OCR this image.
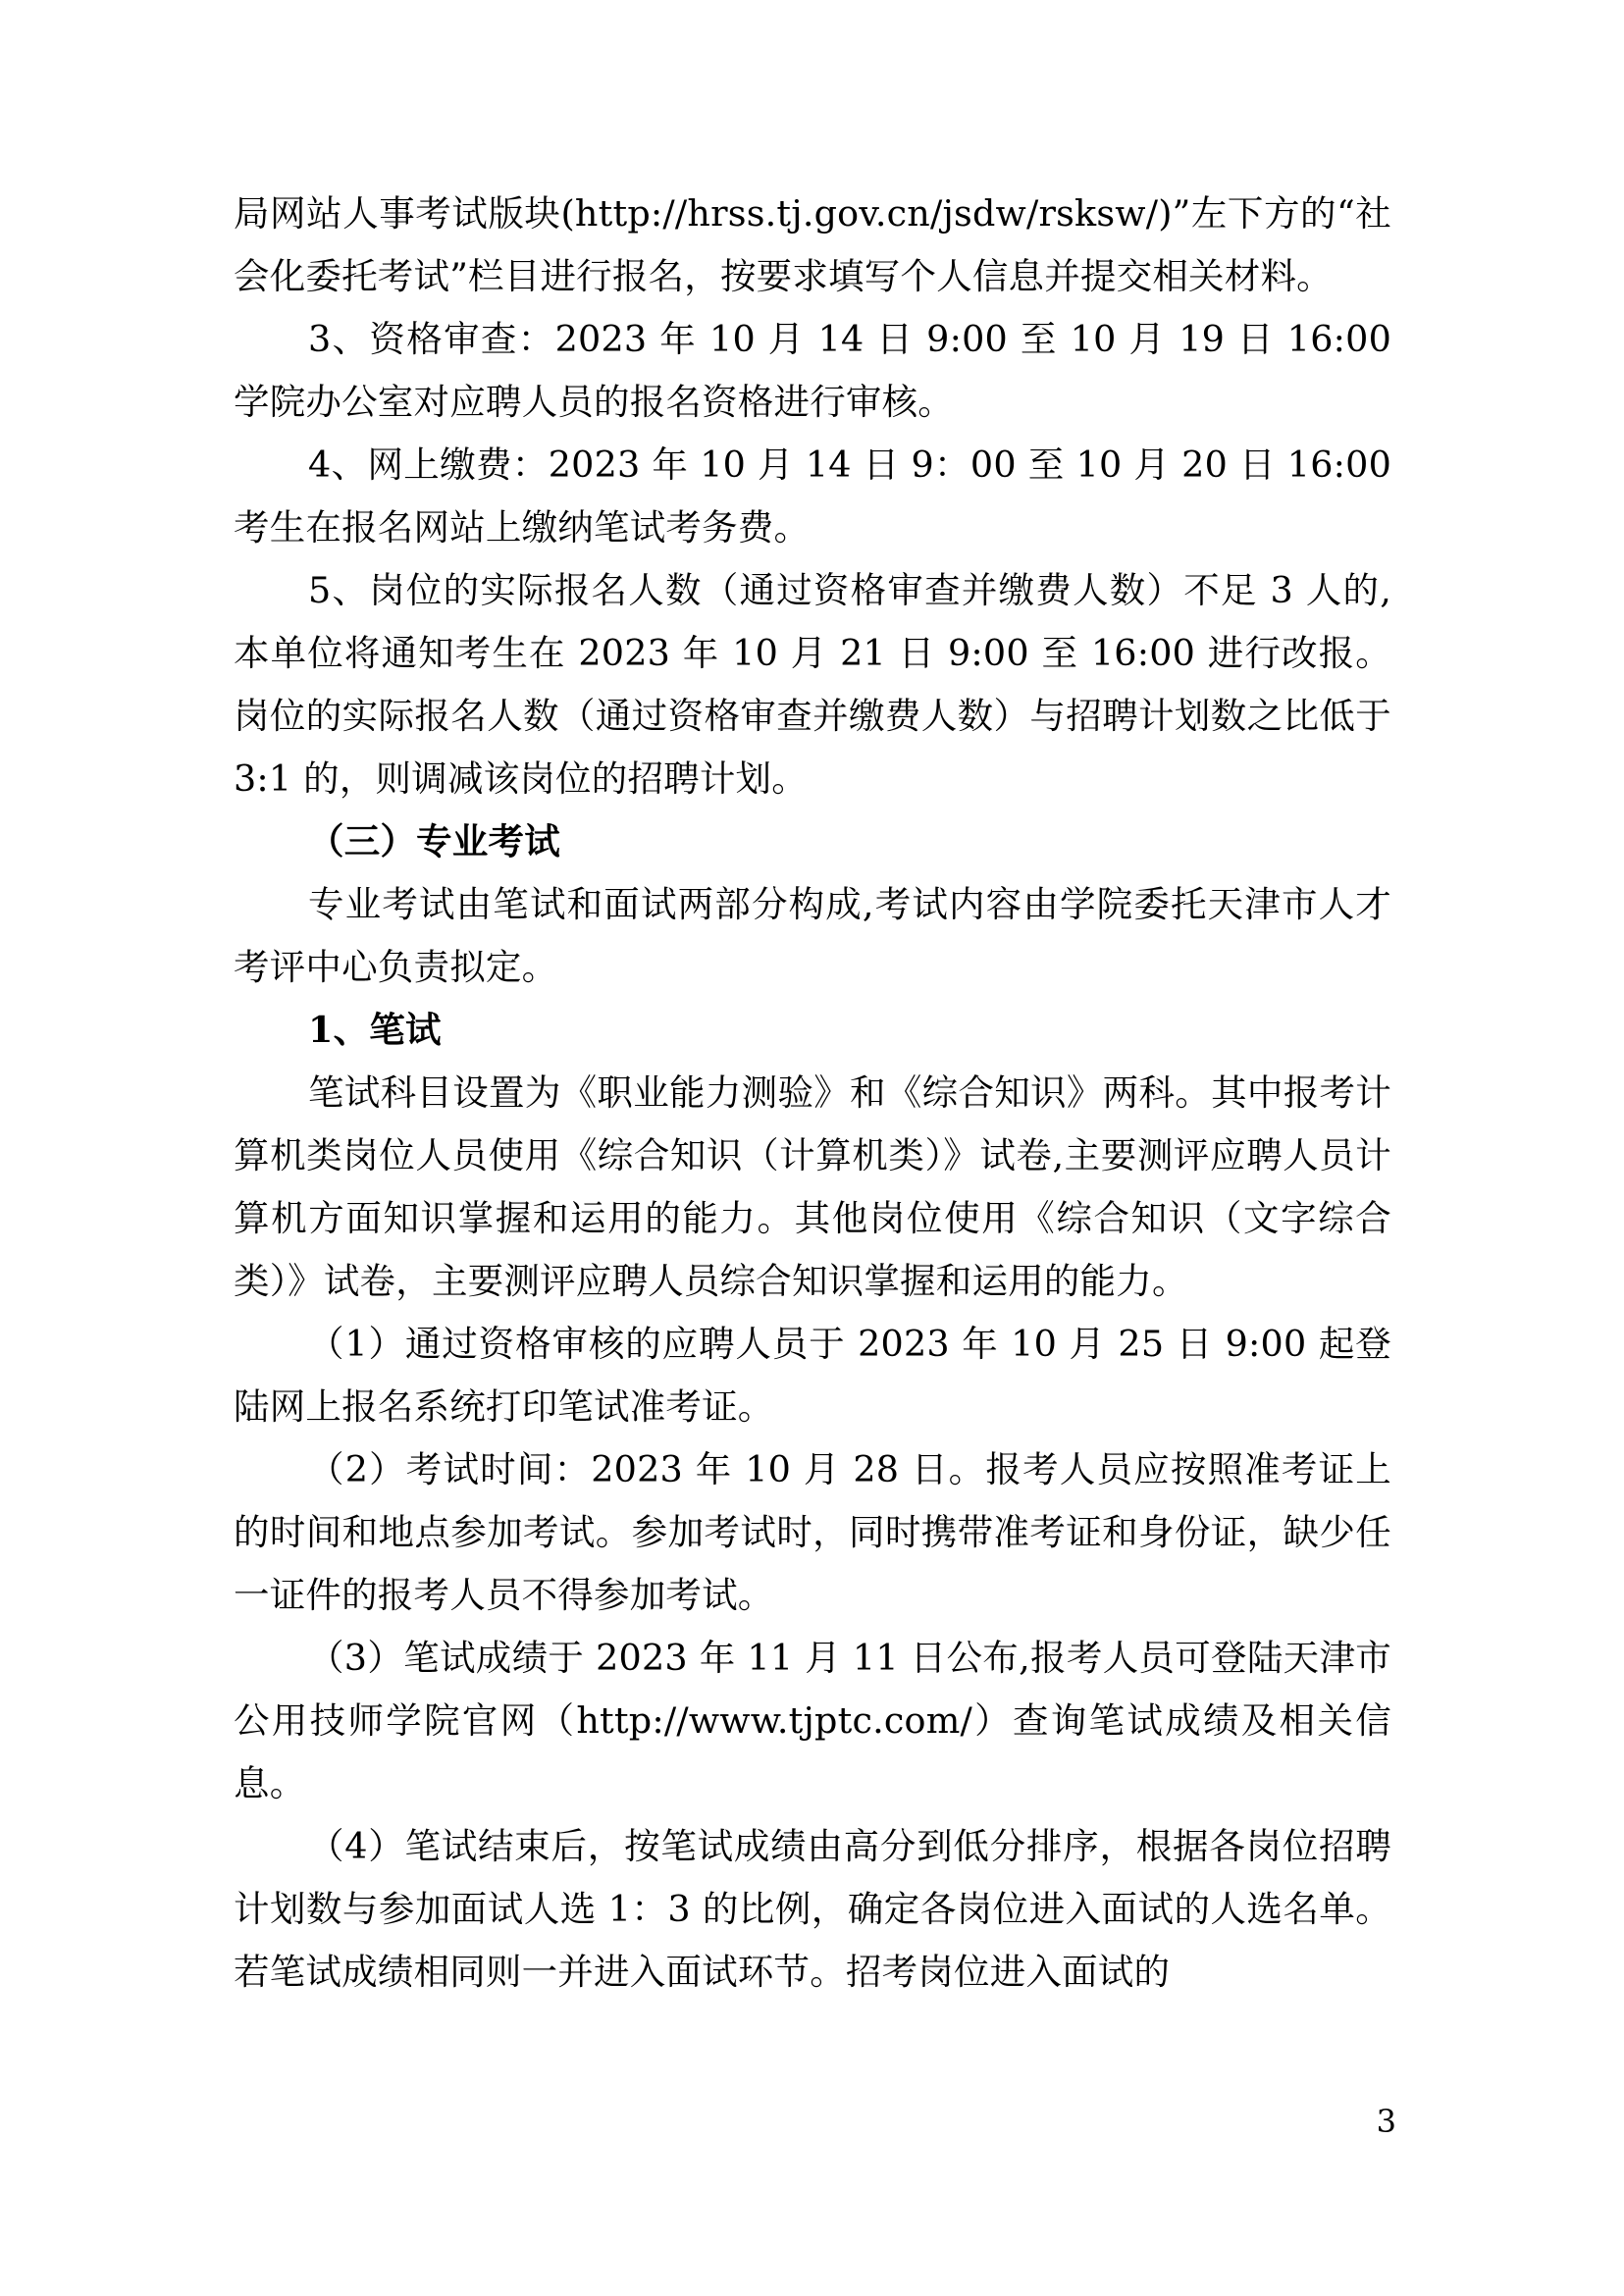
局网站人事考试版块(http://hrss.tj.gov.cn/jsdw/rsksw/)”左下方的“社会化委托考试”栏目进行报名，按要求填写个人信息并提交相关材料。

3、资格审查：2023 年 10 月 14 日 9:00 至 10 月 19 日 16:00 学院办公室对应聘人员的报名资格进行审核。

4、网上缴费：2023 年 10 月 14 日 9：00 至 10 月 20 日 16:00 考生在报名网站上缴纳笔试考务费。

5、岗位的实际报名人数（通过资格审查并缴费人数）不足 3 人的,本单位将通知考生在 2023 年 10 月 21 日 9:00 至 16:00 进行改报。岗位的实际报名人数（通过资格审查并缴费人数）与招聘计划数之比低于 3:1 的，则调减该岗位的招聘计划。

（三）专业考试

专业考试由笔试和面试两部分构成,考试内容由学院委托天津市人才考评中心负责拟定。

1、笔试

笔试科目设置为《职业能力测验》和《综合知识》两科。其中报考计算机类岗位人员使用《综合知识（计算机类）》试卷,主要测评应聘人员计算机方面知识掌握和运用的能力。其他岗位使用《综合知识（文字综合类）》试卷，主要测评应聘人员综合知识掌握和运用的能力。

（1）通过资格审核的应聘人员于 2023 年 10 月 25 日 9:00 起登陆网上报名系统打印笔试准考证。

（2）考试时间：2023 年 10 月 28 日。报考人员应按照准考证上的时间和地点参加考试。参加考试时，同时携带准考证和身份证，缺少任一证件的报考人员不得参加考试。

（3）笔试成绩于 2023 年 11 月 11 日公布,报考人员可登陆天津市公用技师学院官网（http://www.tjptc.com/）查询笔试成绩及相关信息。

（4）笔试结束后，按笔试成绩由高分到低分排序，根据各岗位招聘计划数与参加面试人选 1：3 的比例，确定各岗位进入面试的人选名单。若笔试成绩相同则一并进入面试环节。招考岗位进入面试的

3
